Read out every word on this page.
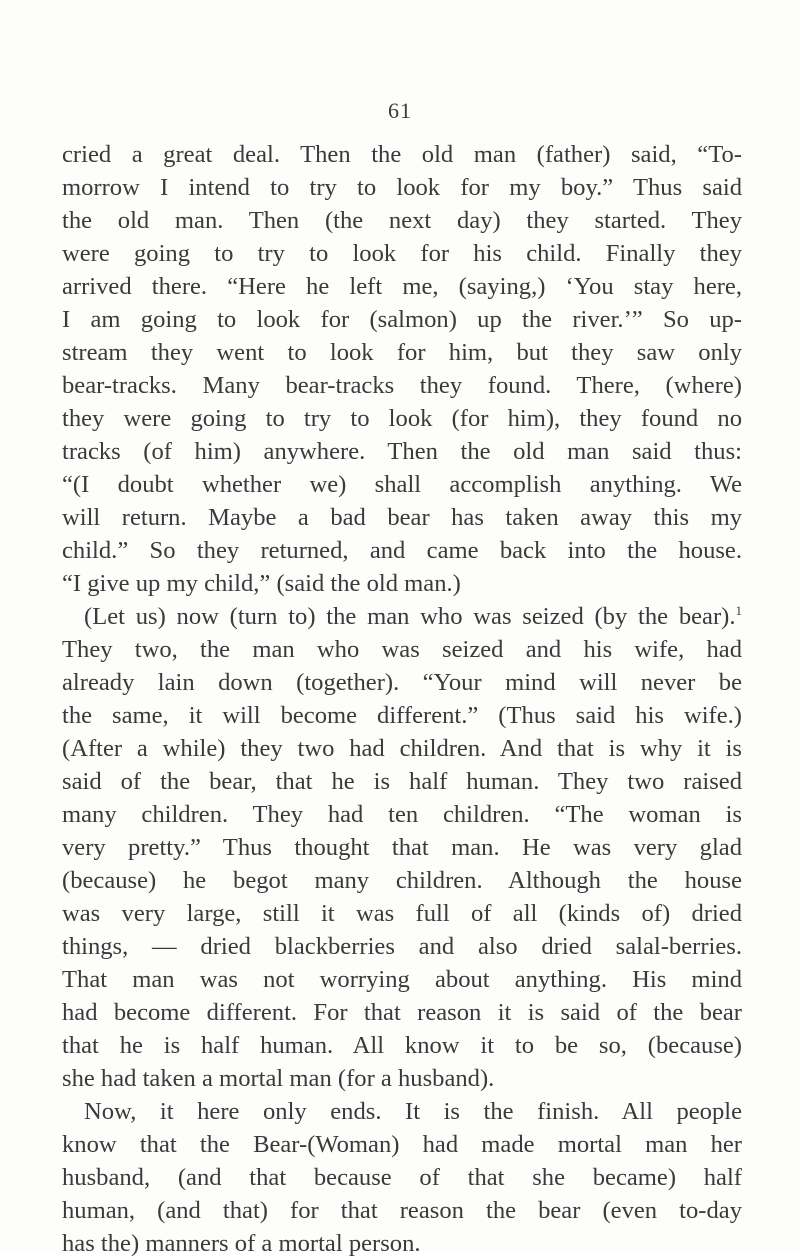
61
cried a great deal. Then the old man (father) said, “To-
morrow I intend to try to look for my boy.” Thus said
the old man. Then (the next day) they started. They
were going to try to look for his child. Finally they
arrived there. “Here he left me, (saying,) ‘You stay here,
I am going to look for (salmon) up the river.’” So up-
stream they went to look for him, but they saw only
bear-tracks. Many bear-tracks they found. There, (where)
they were going to try to look (for him), they found no
tracks (of him) anywhere. Then the old man said thus:
“(I doubt whether we) shall accomplish anything. We
will return. Maybe a bad bear has taken away this my
child.” So they returned, and came back into the house.
“I give up my child,” (said the old man.)
(Let us) now (turn to) the man who was seized (by the bear).$^1$
They two, the man who was seized and his wife, had
already lain down (together). “Your mind will never be
the same, it will become different.” (Thus said his wife.)
(After a while) they two had children. And that is why it is
said of the bear, that he is half human. They two raised
many children. They had ten children. “The woman is
very pretty.” Thus thought that man. He was very glad
(because) he begot many children. Although the house
was very large, still it was full of all (kinds of) dried
things, — dried blackberries and also dried salal-berries.
That man was not worrying about anything. His mind
had become different. For that reason it is said of the bear
that he is half human. All know it to be so, (because)
she had taken a mortal man (for a husband).
Now, it here only ends. It is the finish. All people
know that the Bear-(Woman) had made mortal man her
husband, (and that because of that she became) half
human, (and that) for that reason the bear (even to-day
has the) manners of a mortal person.
